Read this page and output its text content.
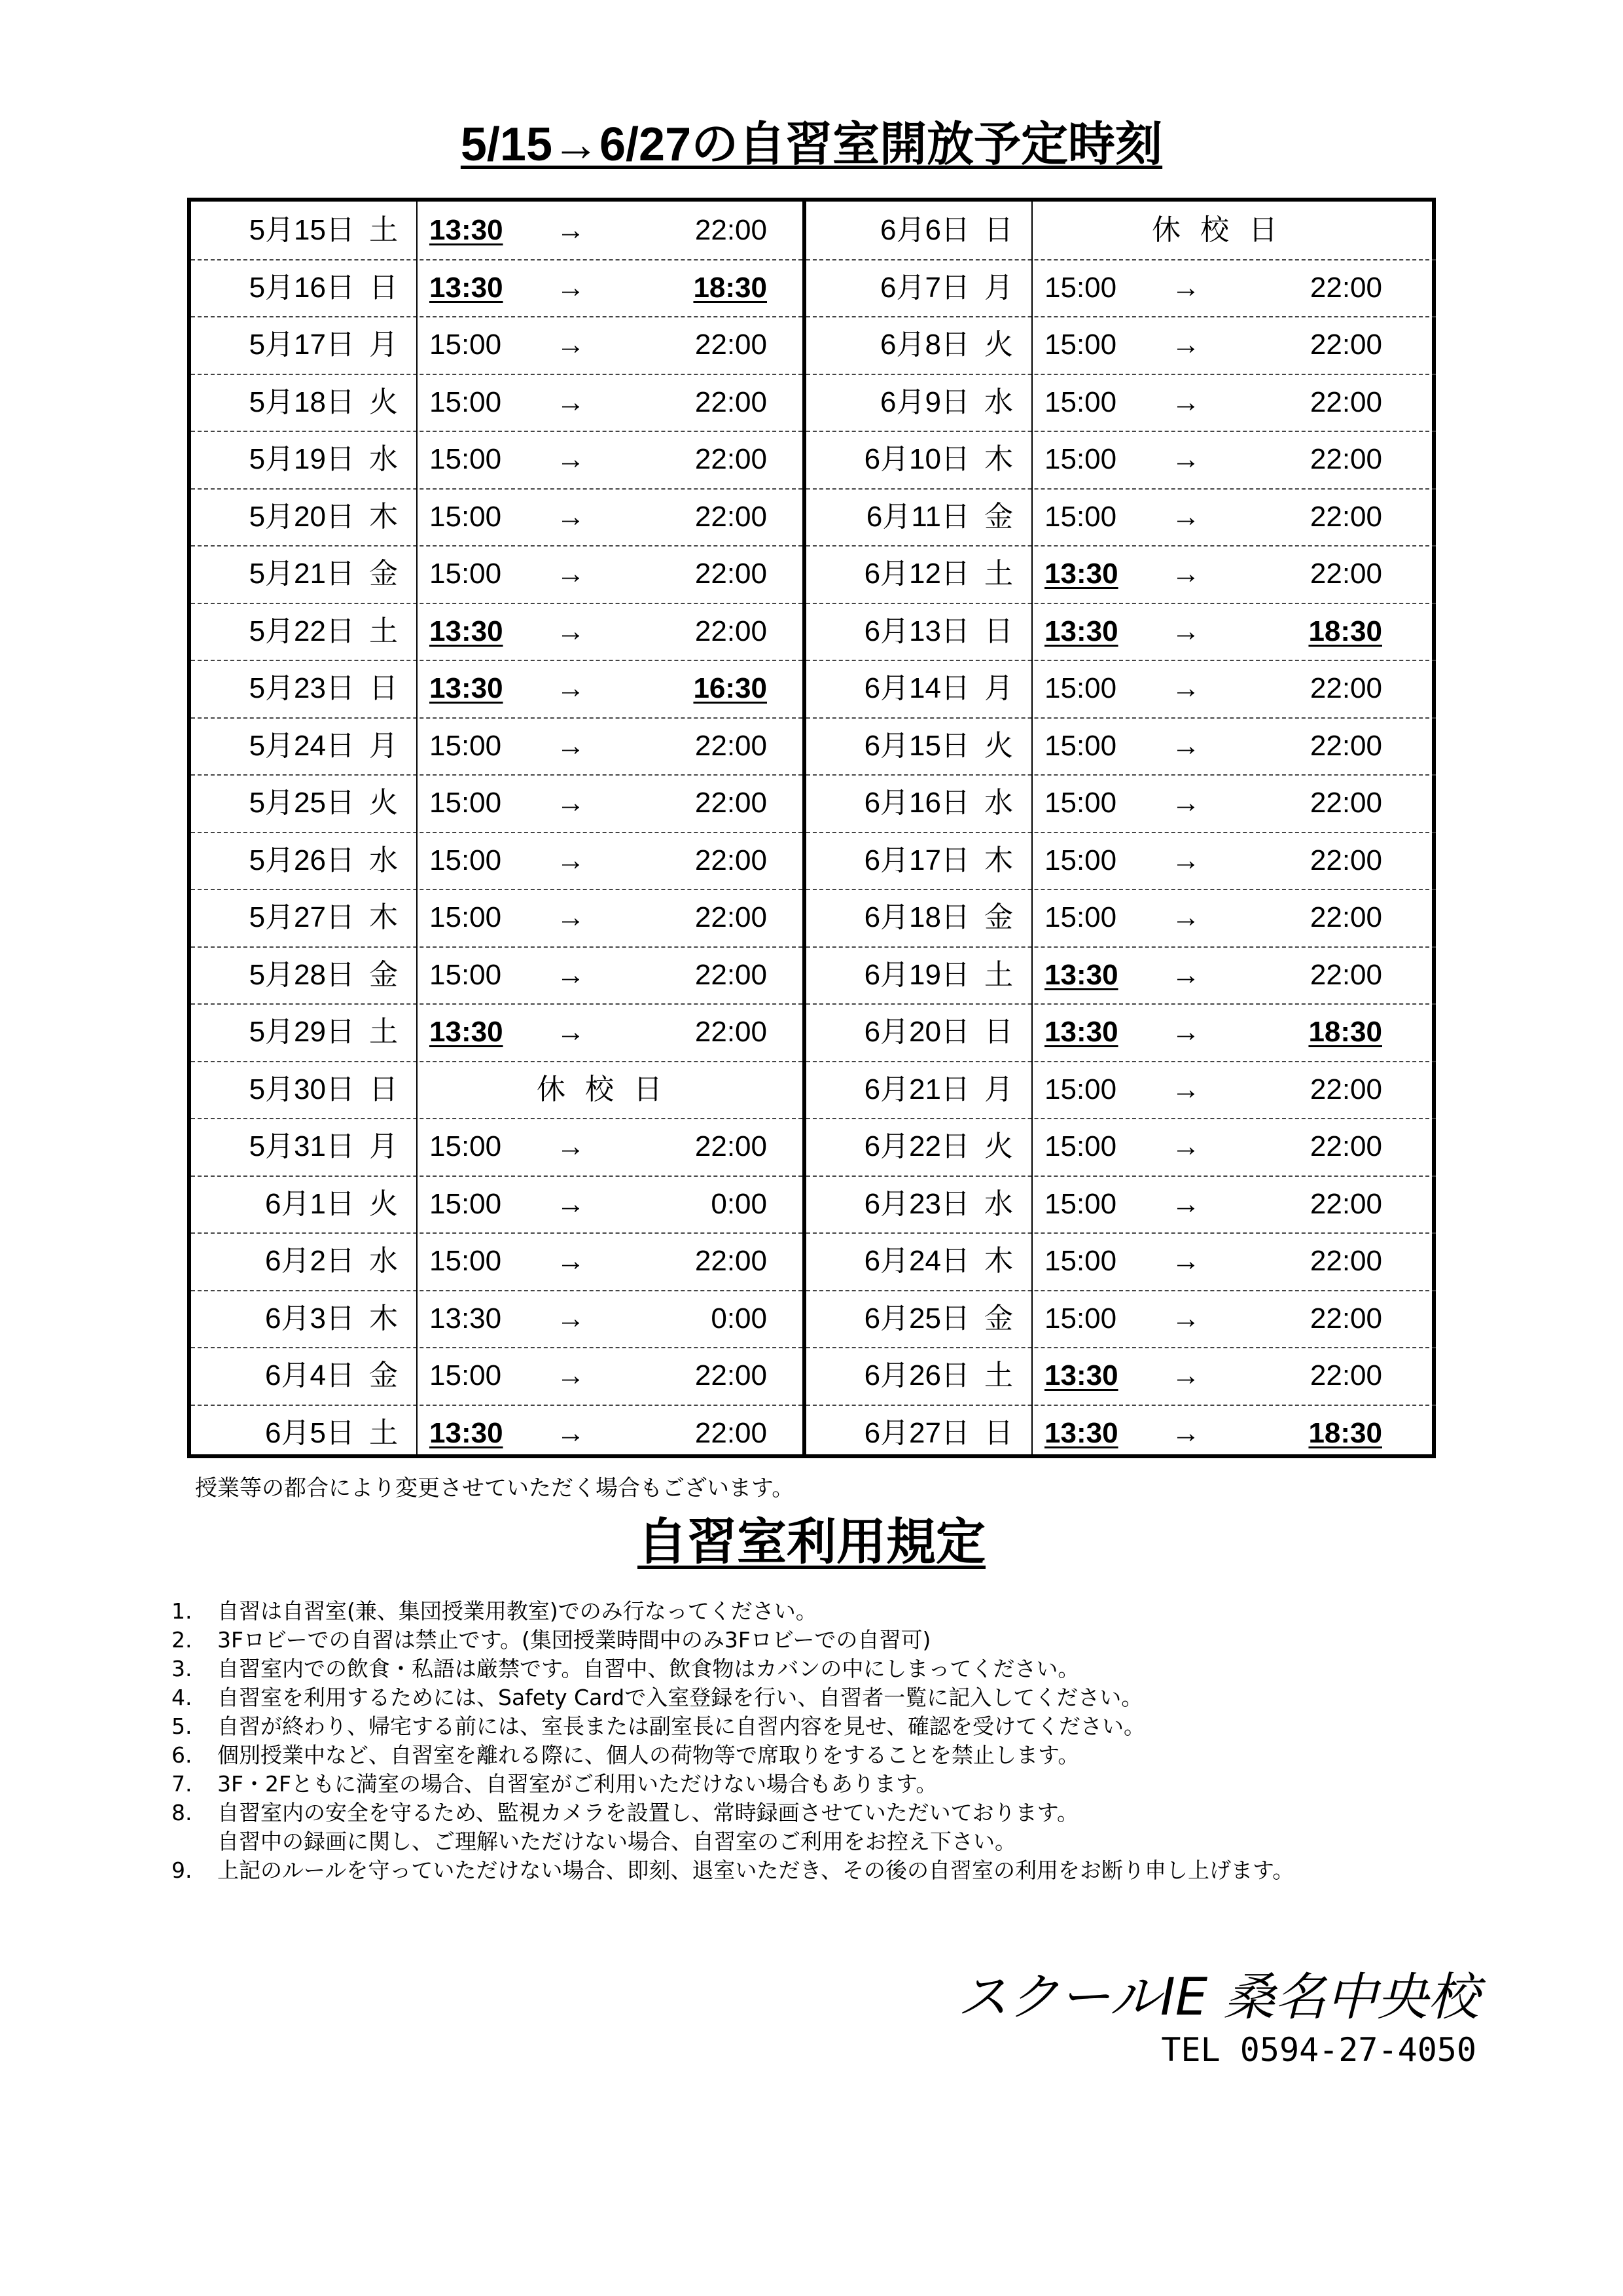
5/15→6/27の自習室開放予定時刻
5月15日 土 13:30	→	22:00
5月16日 日 13:30	→	18:30
5月17日 月 15:00	→	22:00
5月18日 火 15:00	→	22:00
5月19日 水 15:00	→	22:00
5月20日 木 15:00	→	22:00
5月21日 金 15:00	→	22:00
5月22日 土 13:30	→	22:00
5月23日 日 13:30	→	16:30
5月24日 月 15:00	→	22:00
5月25日 火 15:00	→	22:00
5月26日 水 15:00	→	22:00
5月27日 木 15:00	→	22:00
5月28日 金 15:00	→	22:00
5月29日 土 13:30	→	22:00
5月30日 日	休校日
5月31日 月 15:00	→	22:00
6月1日 火 15:00	→	0:00
6月2日 水 15:00	→	22:00
6月3日 木 13:30	→	0:00
6月4日 金 15:00	→	22:00
6月5日 土 13:30	→	22:00
6月6日 日	休校日
6月7日 月 15:00	→	22:00
6月8日 火 15:00	→	22:00
6月9日 水 15:00	→	22:00
6月10日 木 15:00	→	22:00
6月11日 金 15:00	→	22:00
6月12日 土 13:30	→	22:00
6月13日 日 13:30	→	18:30
6月14日 月 15:00	→	22:00
6月15日 火 15:00	→	22:00
6月16日 水 15:00	→	22:00
6月17日 木 15:00	→	22:00
6月18日 金 15:00	→	22:00
6月19日 土 13:30	→	22:00
6月20日 日 13:30	→	18:30
6月21日 月 15:00	→	22:00
6月22日 火 15:00	→	22:00
6月23日 水 15:00	→	22:00
6月24日 木 15:00	→	22:00
6月25日 金 15:00	→	22:00
6月26日 土 13:30	→	22:00
6月27日 日 13:30	→	18:30
授業等の都合により変更させていただく場合もございます。
自習室利用規定
1. 自習は自習室(兼、集団授業用教室)でのみ行なってください。
2. 3Fロビーでの自習は禁止です。(集団授業時間中のみ3Fロビーでの自習可)
3. 自習室内での飲食・私語は厳禁です。自習中、飲食物はカバンの中にしまってください。
4. 自習室を利用するためには、Safety Cardで入室登録を行い、自習者一覧に記入してください。
5. 自習が終わり、帰宅する前には、室長または副室長に自習内容を見せ、確認を受けてください。
6. 個別授業中など、自習室を離れる際に、個人の荷物等で席取りをすることを禁止します。
7. 3F・2Fともに満室の場合、自習室がご利用いただけない場合もあります。
8. 自習室内の安全を守るため、監視カメラを設置し、常時録画させていただいております。
自習中の録画に関し、ご理解いただけない場合、自習室のご利用をお控え下さい。
9. 上記のルールを守っていただけない場合、即刻、退室いただき、その後の自習室の利用をお断り申し上げます。
スクールIE 桑名中央校
TEL 0594-27-4050
